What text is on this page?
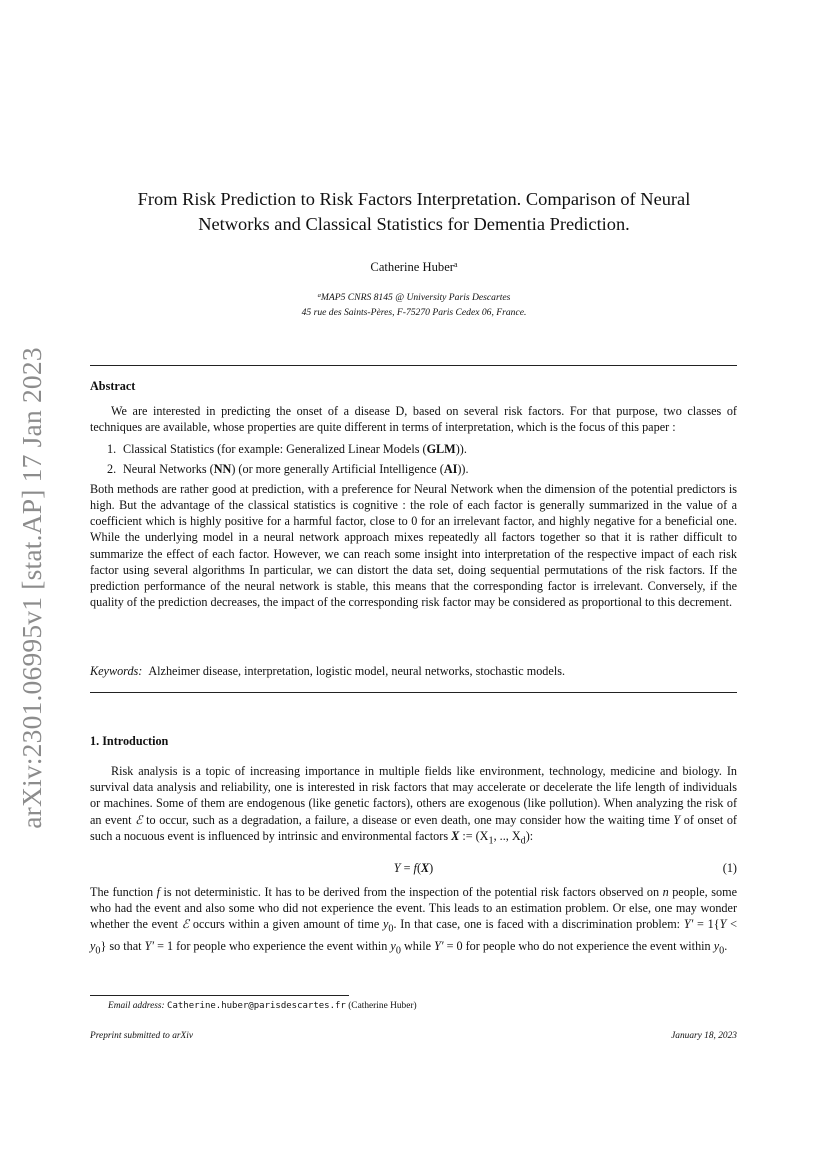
arXiv:2301.06995v1 [stat.AP] 17 Jan 2023
From Risk Prediction to Risk Factors Interpretation. Comparison of Neural
Networks and Classical Statistics for Dementia Prediction.
Catherine Huber$^a$
$^a$MAP5 CNRS 8145 @ University Paris Descartes
45 rue des Saints-Pères, F-75270 Paris Cedex 06, France.
Abstract

We are interested in predicting the onset of a disease D, based on several risk factors. For that purpose, two classes of techniques are available, whose properties are quite different in terms of interpretation, which is the focus of this paper :

1. Classical Statistics (for example: Generalized Linear Models (GLM)).
2. Neural Networks (NN) (or more generally Artificial Intelligence (AI)).

Both methods are rather good at prediction, with a preference for Neural Network when the dimension of the potential predictors is high. But the advantage of the classical statistics is cognitive : the role of each factor is generally summarized in the value of a coefficient which is highly positive for a harmful factor, close to 0 for an irrelevant factor, and highly negative for a beneficial one. While the underlying model in a neural network approach mixes repeatedly all factors together so that it is rather difficult to summarize the effect of each factor. However, we can reach some insight into interpretation of the respective impact of each risk factor using several algorithms In particular, we can distort the data set, doing sequential permutations of the risk factors. If the prediction performance of the neural network is stable, this means that the corresponding factor is irrelevant. Conversely, if the quality of the prediction decreases, the impact of the corresponding risk factor may be considered as proportional to this decrement.

Keywords: Alzheimer disease, interpretation, logistic model, neural networks, stochastic models.
1. Introduction

Risk analysis is a topic of increasing importance in multiple fields like environment, technology, medicine and biology. In survival data analysis and reliability, one is interested in risk factors that may accelerate or decelerate the life length of individuals or machines. Some of them are endogenous (like genetic factors), others are exogenous (like pollution). When analyzing the risk of an event ℰ to occur, such as a degradation, a failure, a disease or even death, one may consider how the waiting time Y of onset of such a nocuous event is influenced by intrinsic and environmental factors X := ($X_1$, .., $X_d$):

Y = f(X)	(1)

The function f is not deterministic. It has to be derived from the inspection of the potential risk factors observed on n people, some who had the event and also some who did not experience the event. This leads to an estimation problem. Or else, one may wonder whether the event ℰ occurs within a given amount of time $y_0$. In that case, one is faced with a discrimination problem: $Y' = 1\{Y < y_0\}$ so that Y′ = 1 for people who experience the event within $y_0$ while Y′ = 0 for people who do not experience the event within $y_0$.

Email address: Catherine.huber@parisdescartes.fr (Catherine Huber)
Preprint submitted to arXiv	January 18, 2023
